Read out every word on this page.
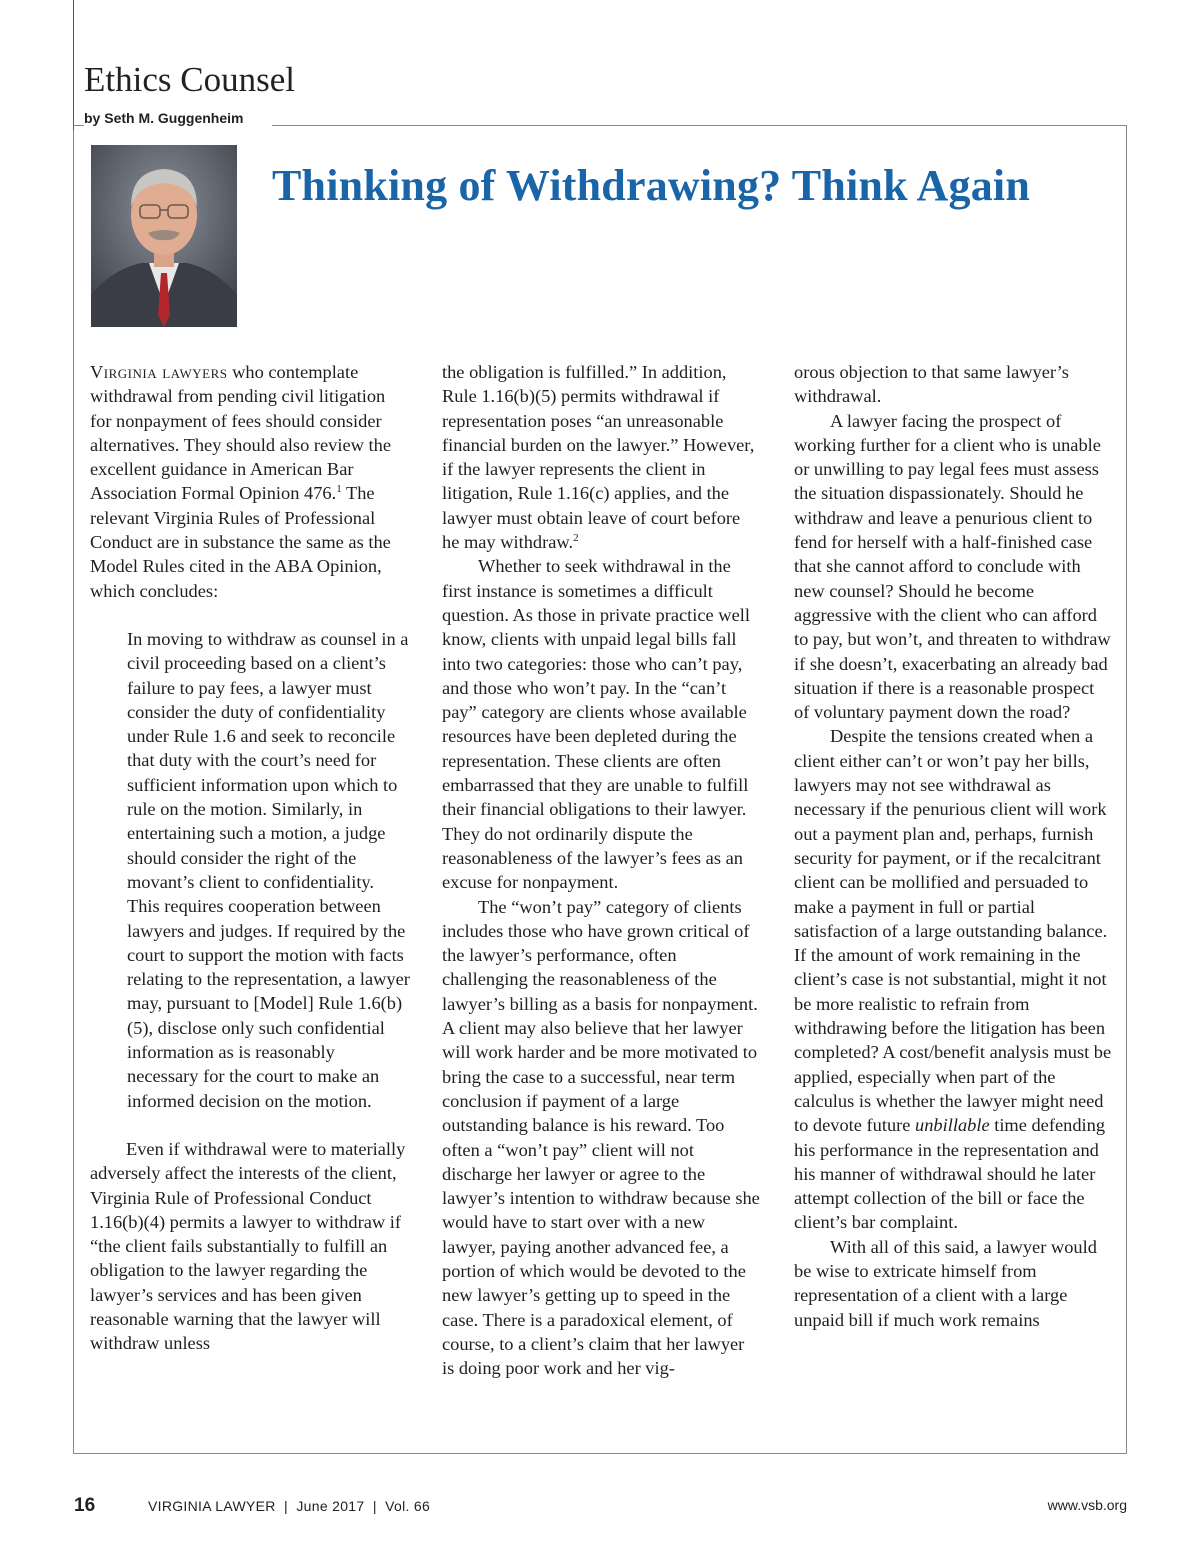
Ethics Counsel
by Seth M. Guggenheim
Thinking of Withdrawing? Think Again

Virginia lawyers who contemplate withdrawal from pending civil litigation for nonpayment of fees should consider alternatives. They should also review the excellent guidance in American Bar Association Formal Opinion 476.$^1$ The relevant Virginia Rules of Professional Conduct are in substance the same as the Model Rules cited in the ABA Opinion, which concludes:

In moving to withdraw as counsel in a civil proceeding based on a client’s failure to pay fees, a lawyer must consider the duty of confidentiality under Rule 1.6 and seek to reconcile that duty with the court’s need for sufficient information upon which to rule on the motion. Similarly, in entertaining such a motion, a judge should consider the right of the movant’s client to confidentiality. This requires cooperation between lawyers and judges. If required by the court to support the motion with facts relating to the representation, a lawyer may, pursuant to [Model] Rule 1.6(b)(5), disclose only such confidential information as is reasonably necessary for the court to make an informed decision on the motion.

Even if withdrawal were to materially adversely affect the interests of the client, Virginia Rule of Professional Conduct 1.16(b)(4) permits a lawyer to withdraw if “the client fails substantially to fulfill an obligation to the lawyer regarding the lawyer’s services and has been given reasonable warning that the lawyer will withdraw unless

the obligation is fulfilled.” In addition, Rule 1.16(b)(5) permits withdrawal if representation poses “an unreasonable financial burden on the lawyer.” However, if the lawyer represents the client in litigation, Rule 1.16(c) applies, and the lawyer must obtain leave of court before he may withdraw.$^2$

Whether to seek withdrawal in the first instance is sometimes a difficult question. As those in private practice well know, clients with unpaid legal bills fall into two categories: those who can’t pay, and those who won’t pay. In the “can’t pay” category are clients whose available resources have been depleted during the representation. These clients are often embarrassed that they are unable to fulfill their financial obligations to their lawyer. They do not ordinarily dispute the reasonableness of the lawyer’s fees as an excuse for nonpayment.

The “won’t pay” category of clients includes those who have grown critical of the lawyer’s performance, often challenging the reasonableness of the lawyer’s billing as a basis for nonpayment. A client may also believe that her lawyer will work harder and be more motivated to bring the case to a successful, near term conclusion if payment of a large outstanding balance is his reward. Too often a “won’t pay” client will not discharge her lawyer or agree to the lawyer’s intention to withdraw because she would have to start over with a new lawyer, paying another advanced fee, a portion of which would be devoted to the new lawyer’s getting up to speed in the case. There is a paradoxical element, of course, to a client’s claim that her lawyer is doing poor work and her vig-

orous objection to that same lawyer’s withdrawal.

A lawyer facing the prospect of working further for a client who is unable or unwilling to pay legal fees must assess the situation dispassionately. Should he withdraw and leave a penurious client to fend for herself with a half-finished case that she cannot afford to conclude with new counsel? Should he become aggressive with the client who can afford to pay, but won’t, and threaten to withdraw if she doesn’t, exacerbating an already bad situation if there is a reasonable prospect of voluntary payment down the road?

Despite the tensions created when a client either can’t or won’t pay her bills, lawyers may not see withdrawal as necessary if the penurious client will work out a payment plan and, perhaps, furnish security for payment, or if the recalcitrant client can be mollified and persuaded to make a payment in full or partial satisfaction of a large outstanding balance. If the amount of work remaining in the client’s case is not substantial, might it not be more realistic to refrain from withdrawing before the litigation has been completed? A cost/benefit analysis must be applied, especially when part of the calculus is whether the lawyer might need to devote future unbillable time defending his performance in the representation and his manner of withdrawal should he later attempt collection of the bill or face the client’s bar complaint.

With all of this said, a lawyer would be wise to extricate himself from representation of a client with a large unpaid bill if much work remains

16	VIRGINIA LAWYER  |  June 2017  |  Vol. 66	www.vsb.org
